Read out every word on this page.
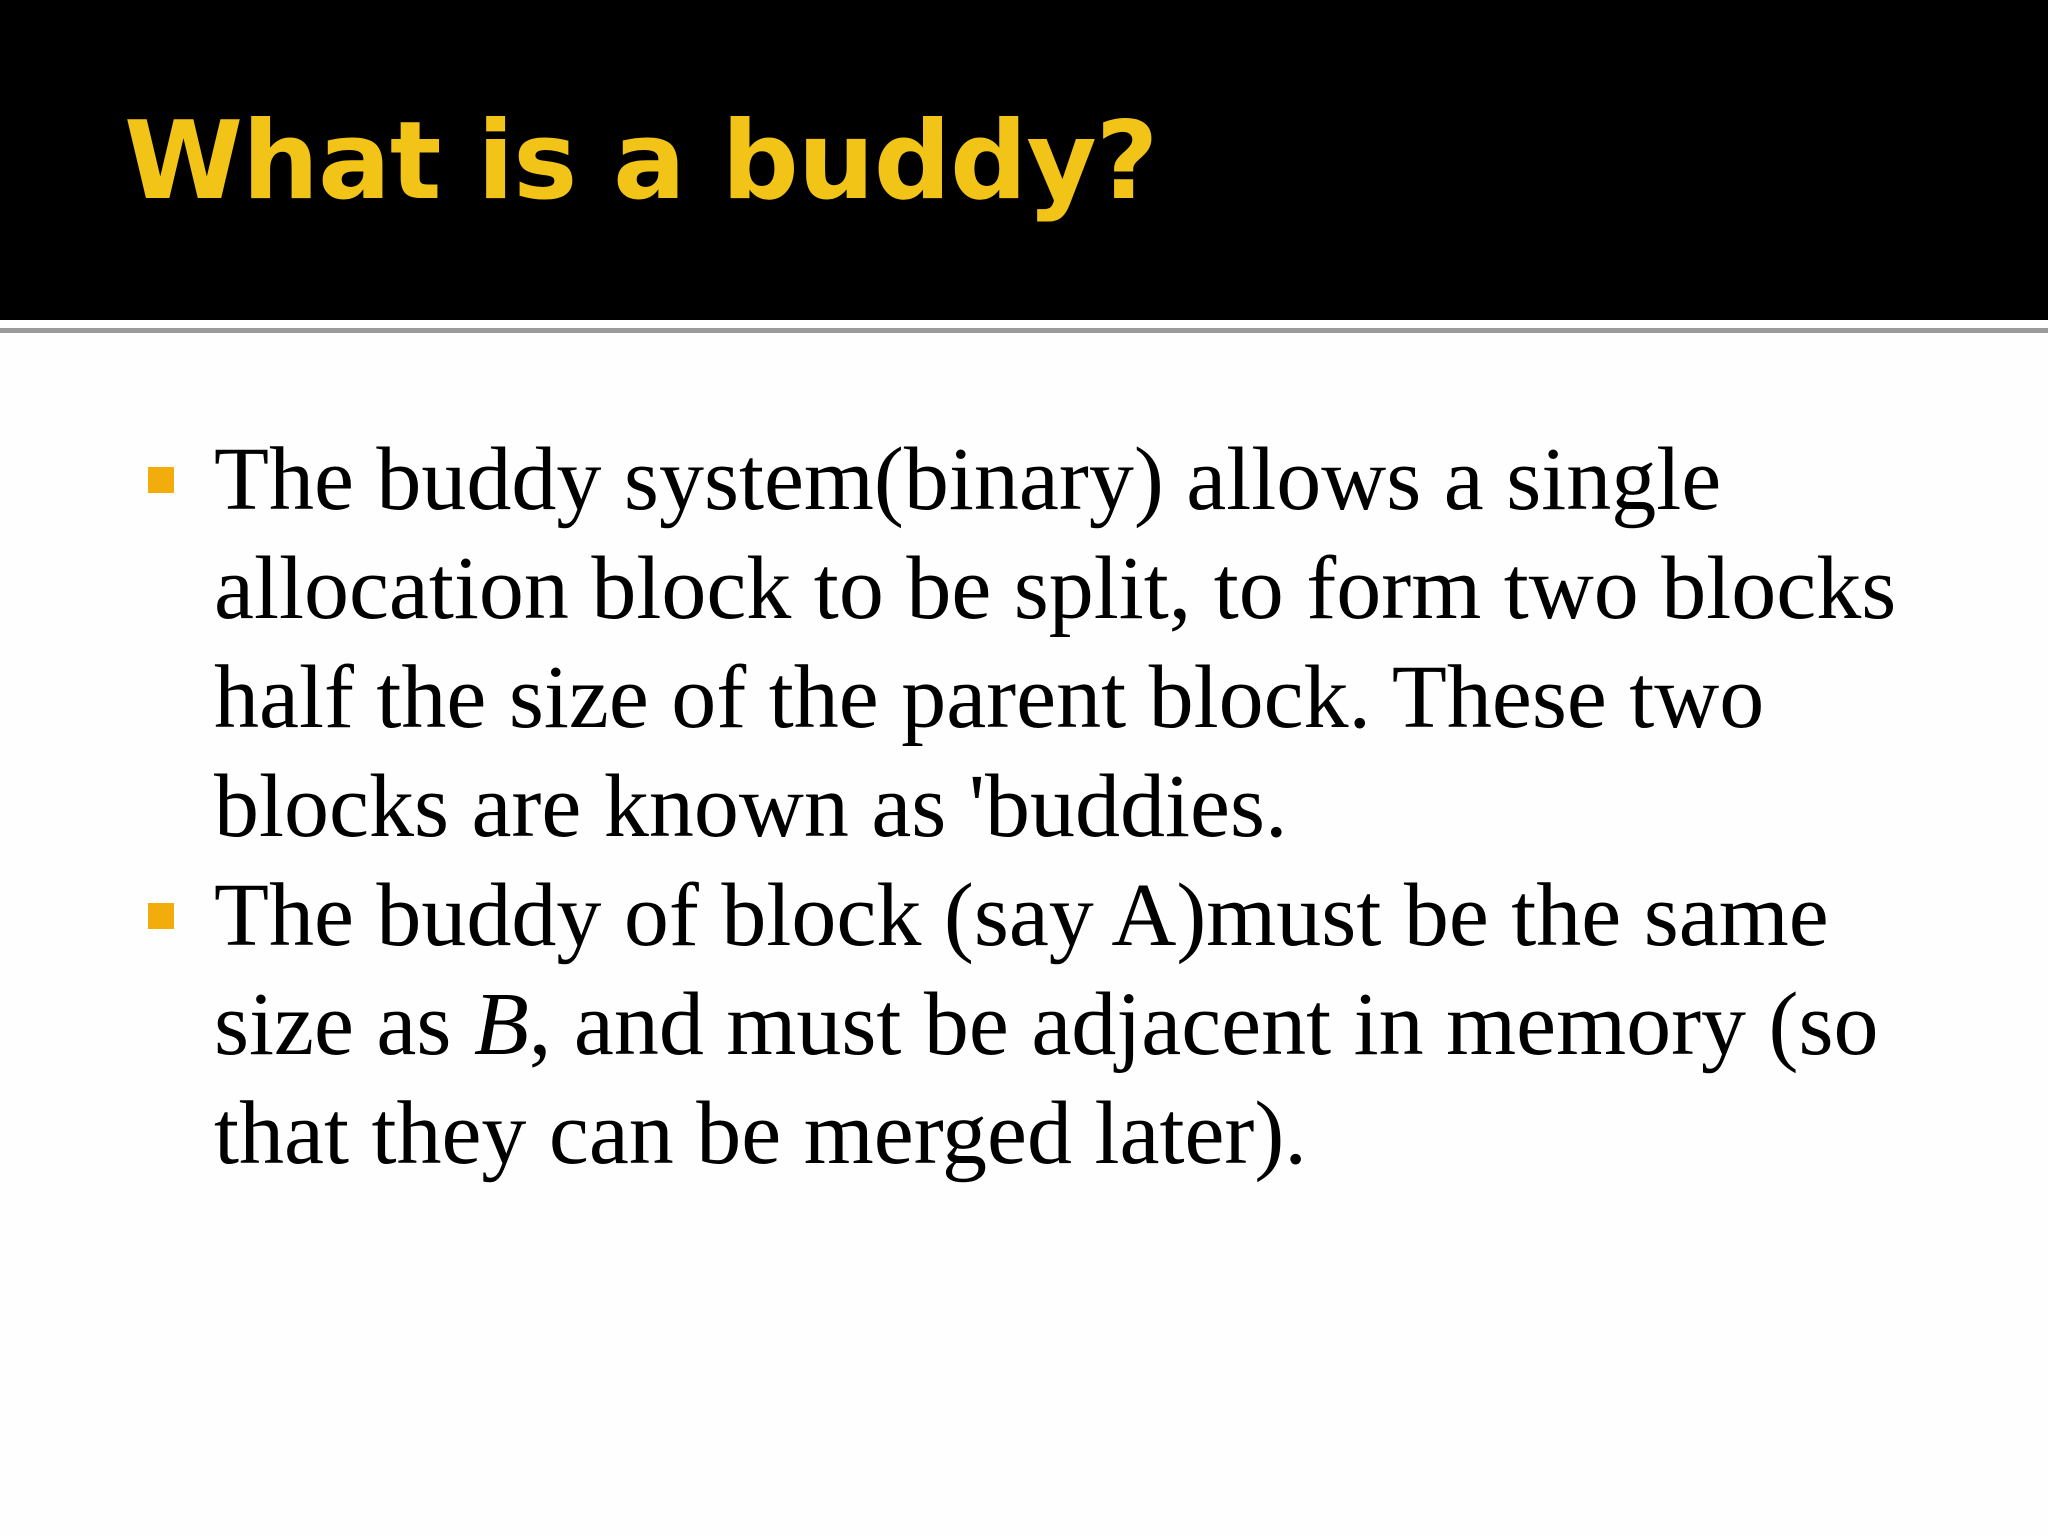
What is a buddy?
The buddy system(binary) allows a single
allocation block to be split, to form two blocks
half the size of the parent block. These two
blocks are known as 'buddies.
The buddy of block (say A)must be the same
size as B, and must be adjacent in memory (so
that they can be merged later).
